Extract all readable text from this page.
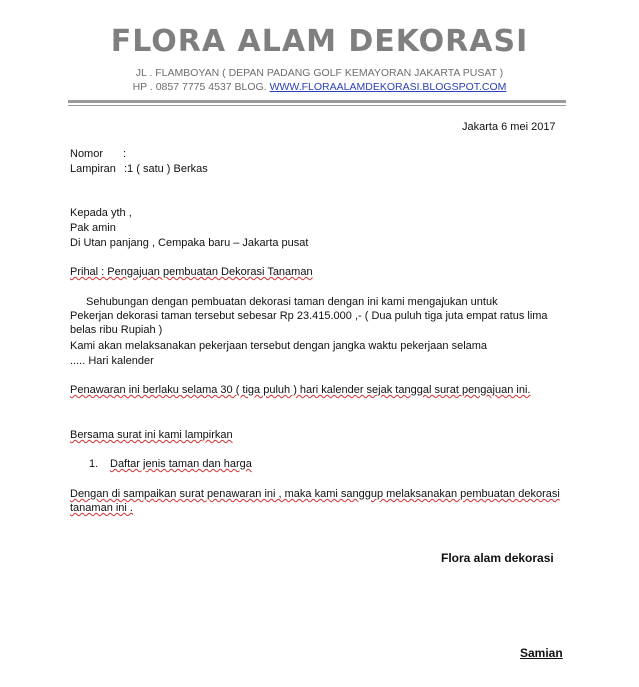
FLORA ALAM DEKORASI
JL . FLAMBOYAN ( DEPAN PADANG GOLF KEMAYORAN JAKARTA PUSAT )
HP . 0857 7775 4537 BLOG. WWW.FLORAALAMDEKORASI.BLOGSPOT.COM
Jakarta 6 mei 2017
Nomor :
Lampiran :1 ( satu ) Berkas
Kepada yth ,
Pak amin
Di Utan panjang , Cempaka baru – Jakarta pusat
Prihal : Pengajuan pembuatan Dekorasi Tanaman
Sehubungan dengan pembuatan dekorasi taman dengan ini kami mengajukan untuk
Pekerjan dekorasi taman tersebut sebesar Rp 23.415.000 ,- ( Dua puluh tiga juta empat ratus lima
belas ribu Rupiah )
Kami akan melaksanakan pekerjaan tersebut dengan jangka waktu pekerjaan selama
..... Hari kalender
Penawaran ini berlaku selama 30 ( tiga puluh ) hari kalender sejak tanggal surat pengajuan ini.
Bersama surat ini kami lampirkan
1. Daftar jenis taman dan harga
Dengan di sampaikan surat penawaran ini , maka kami sanggup melaksanakan pembuatan dekorasi
tanaman ini .
Flora alam dekorasi
Samian
